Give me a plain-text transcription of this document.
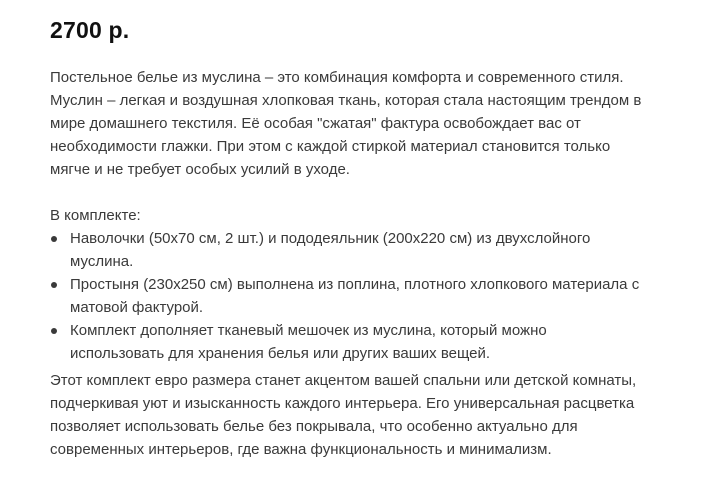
2700 р.
Постельное белье из муслина – это комбинация комфорта и современного стиля.
Муслин – легкая и воздушная хлопковая ткань, которая стала настоящим трендом в
мире домашнего текстиля. Её особая "сжатая" фактура освобождает вас от
необходимости глажки. При этом с каждой стиркой материал становится только
мягче и не требует особых усилий в уходе.
В комплекте:
Наволочки (50х70 см, 2 шт.) и пододеяльник (200х220 см) из двухслойного
муслина.
Простыня (230х250 см) выполнена из поплина, плотного хлопкового материала с
матовой фактурой.
Комплект дополняет тканевый мешочек из муслина, который можно
использовать для хранения белья или других ваших вещей.
Этот комплект евро размера станет акцентом вашей спальни или детской комнаты,
подчеркивая уют и изысканность каждого интерьера. Его универсальная расцветка
позволяет использовать белье без покрывала, что особенно актуально для
современных интерьеров, где важна функциональность и минимализм.
